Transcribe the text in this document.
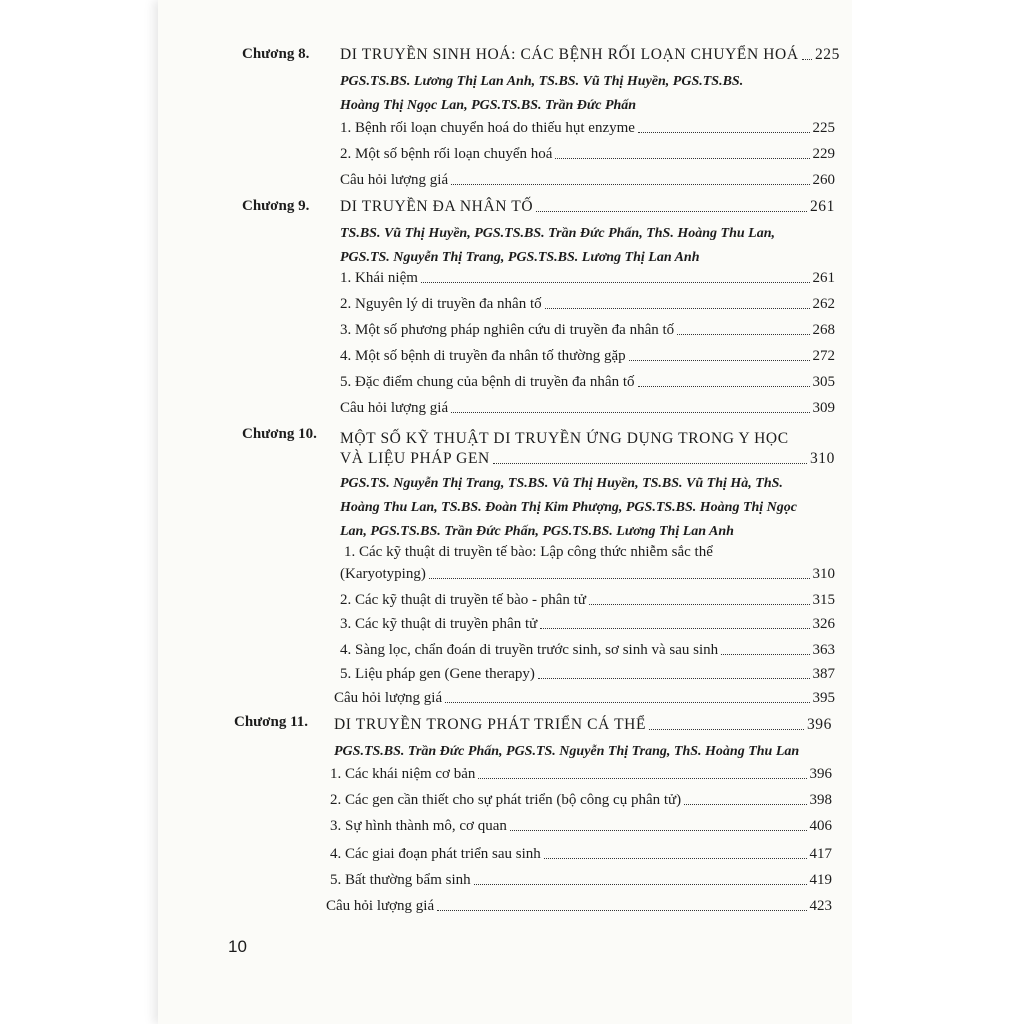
Chương 8. DI TRUYỀN SINH HOÁ: CÁC BỆNH RỐI LOẠN CHUYỂN HOÁ 225
PGS.TS.BS. Lương Thị Lan Anh, TS.BS. Vũ Thị Huyền, PGS.TS.BS. Hoàng Thị Ngọc Lan, PGS.TS.BS. Trần Đức Phấn
1. Bệnh rối loạn chuyển hoá do thiếu hụt enzyme	225
2. Một số bệnh rối loạn chuyển hoá	229
Câu hỏi lượng giá	260
Chương 9. DI TRUYỀN ĐA NHÂN TỐ	261
TS.BS. Vũ Thị Huyền, PGS.TS.BS. Trần Đức Phấn, ThS. Hoàng Thu Lan, PGS.TS. Nguyễn Thị Trang, PGS.TS.BS. Lương Thị Lan Anh
1. Khái niệm	261
2. Nguyên lý di truyền đa nhân tố	262
3. Một số phương pháp nghiên cứu di truyền đa nhân tố	268
4. Một số bệnh di truyền đa nhân tố thường gặp	272
5. Đặc điểm chung của bệnh di truyền đa nhân tố	305
Câu hỏi lượng giá	309
Chương 10. MỘT SỐ KỸ THUẬT DI TRUYỀN ỨNG DỤNG TRONG Y HỌC
VÀ LIỆU PHÁP GEN	310
PGS.TS. Nguyễn Thị Trang, TS.BS. Vũ Thị Huyền, TS.BS. Vũ Thị Hà, ThS. Hoàng Thu Lan, TS.BS. Đoàn Thị Kim Phượng, PGS.TS.BS. Hoàng Thị Ngọc Lan, PGS.TS.BS. Trần Đức Phấn, PGS.TS.BS. Lương Thị Lan Anh
1. Các kỹ thuật di truyền tế bào: Lập công thức nhiễm sắc thể
(Karyotyping)	310
2. Các kỹ thuật di truyền tế bào - phân tử	315
3. Các kỹ thuật di truyền phân tử	326
4. Sàng lọc, chẩn đoán di truyền trước sinh, sơ sinh và sau sinh	363
5. Liệu pháp gen (Gene therapy)	387
Câu hỏi lượng giá	395
Chương 11. DI TRUYỀN TRONG PHÁT TRIỂN CÁ THỂ	396
PGS.TS.BS. Trần Đức Phấn, PGS.TS. Nguyễn Thị Trang, ThS. Hoàng Thu Lan
1. Các khái niệm cơ bản	396
2. Các gen cần thiết cho sự phát triển (bộ công cụ phân tử)	398
3. Sự hình thành mô, cơ quan	406
4. Các giai đoạn phát triển sau sinh	417
5. Bất thường bẩm sinh	419
Câu hỏi lượng giá	423
10
